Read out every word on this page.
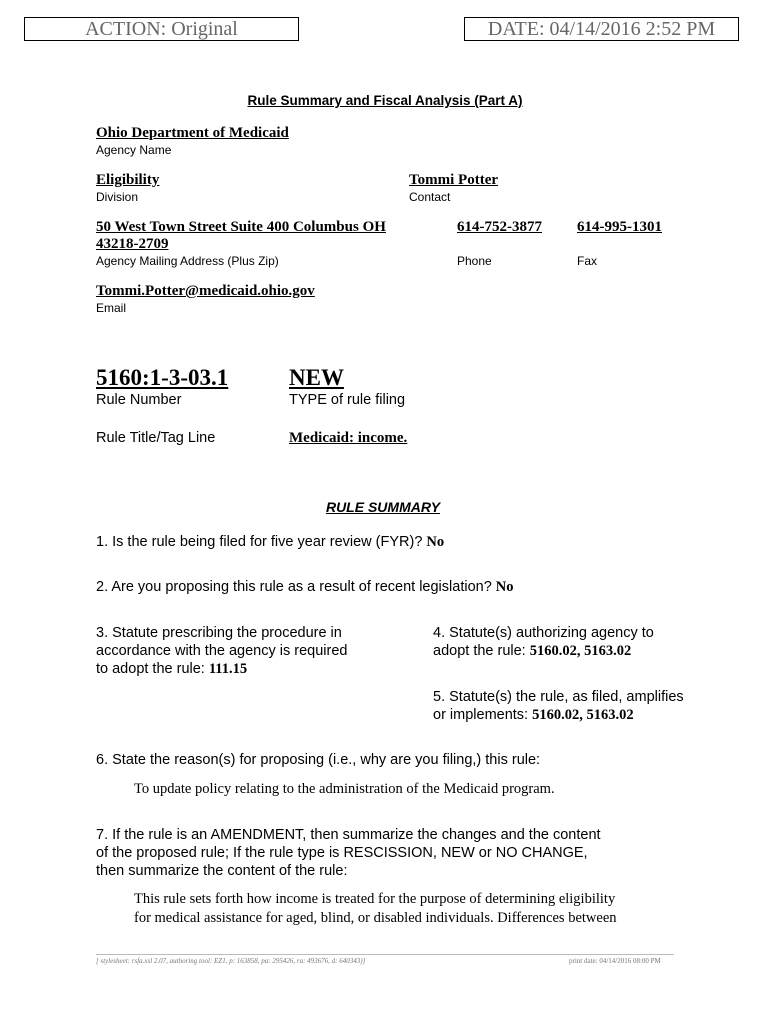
ACTION: Original	DATE: 04/14/2016 2:52 PM
Rule Summary and Fiscal Analysis (Part A)
Ohio Department of Medicaid
Agency Name
Eligibility
Division
Tommi Potter
Contact
50 West Town Street Suite 400 Columbus OH
43218-2709
Agency Mailing Address (Plus Zip)
614-752-3877
Phone
614-995-1301
Fax
Tommi.Potter@medicaid.ohio.gov
Email
5160:1-3-03.1
Rule Number
NEW
TYPE of rule filing
Rule Title/Tag Line	Medicaid: income.
RULE SUMMARY
1. Is the rule being filed for five year review (FYR)? No
2. Are you proposing this rule as a result of recent legislation? No
3. Statute prescribing the procedure in
accordance with the agency is required
to adopt the rule: 111.15
4. Statute(s) authorizing agency to
adopt the rule: 5160.02, 5163.02
5. Statute(s) the rule, as filed, amplifies
or implements: 5160.02, 5163.02
6. State the reason(s) for proposing (i.e., why are you filing,) this rule:
To update policy relating to the administration of the Medicaid program.
7. If the rule is an AMENDMENT, then summarize the changes and the content
of the proposed rule; If the rule type is RESCISSION, NEW or NO CHANGE,
then summarize the content of the rule:
This rule sets forth how income is treated for the purpose of determining eligibility
for medical assistance for aged, blind, or disabled individuals. Differences between
[ stylesheet: rsfa.xsl 2.07, authoring tool: EZ1, p: 163858, pa: 295426, ra: 493676, d: 640343)]	print date: 04/14/2016 08:00 PM
